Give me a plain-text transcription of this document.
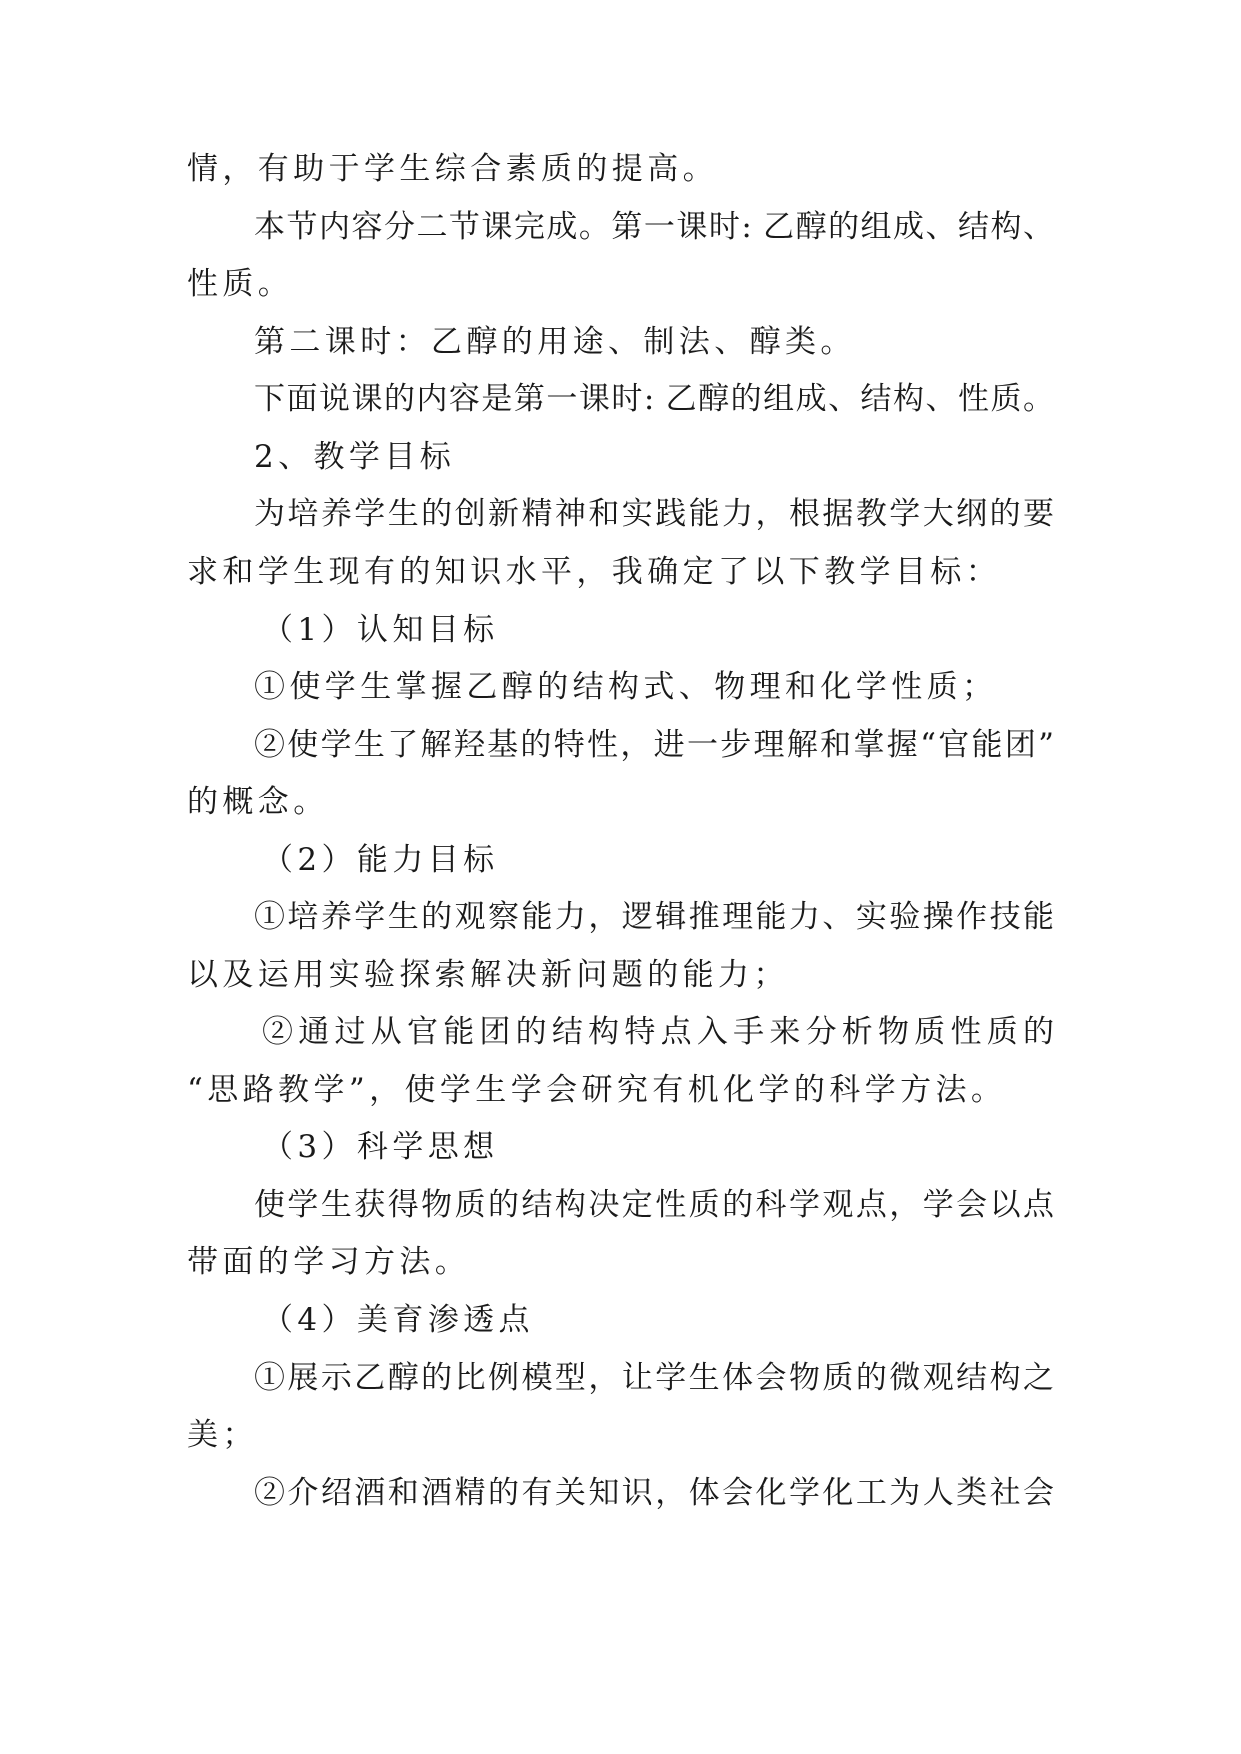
情，有助于学生综合素质的提高。
本节内容分二节课完成。第一课时: 乙醇的组成、结构、
性质。
第二课时：乙醇的用途、制法、醇类。
下面说课的内容是第一课时: 乙醇的组成、结构、性质。
2、教学目标
为培养学生的创新精神和实践能力，根据教学大纲的要
求和学生现有的知识水平，我确定了以下教学目标：
（1）认知目标
①使学生掌握乙醇的结构式、物理和化学性质；
②使学生了解羟基的特性，进一步理解和掌握“官能团”
的概念。
（2）能力目标
①培养学生的观察能力，逻辑推理能力、实验操作技能
以及运用实验探索解决新问题的能力；
②通过从官能团的结构特点入手来分析物质性质的
“思路教学”，使学生学会研究有机化学的科学方法。
（3）科学思想
使学生获得物质的结构决定性质的科学观点，学会以点
带面的学习方法。
（4）美育渗透点
①展示乙醇的比例模型，让学生体会物质的微观结构之
美；
②介绍酒和酒精的有关知识，体会化学化工为人类社会
